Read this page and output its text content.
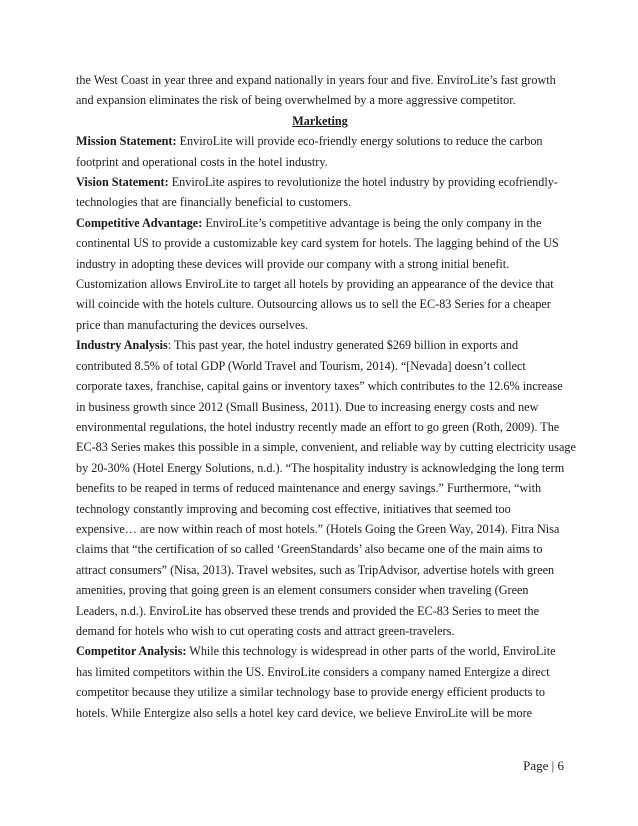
the West Coast in year three and expand nationally in years four and five. EnviroLite’s fast growth
and expansion eliminates the risk of being overwhelmed by a more aggressive competitor.
Marketing
Mission Statement: EnviroLite will provide eco-friendly energy solutions to reduce the carbon
footprint and operational costs in the hotel industry.
Vision Statement: EnviroLite aspires to revolutionize the hotel industry by providing ecofriendly-
technologies that are financially beneficial to customers.
Competitive Advantage: EnviroLite’s competitive advantage is being the only company in the
continental US to provide a customizable key card system for hotels. The lagging behind of the US
industry in adopting these devices will provide our company with a strong initial benefit.
Customization allows EnviroLite to target all hotels by providing an appearance of the device that
will coincide with the hotels culture. Outsourcing allows us to sell the EC-83 Series for a cheaper
price than manufacturing the devices ourselves.
Industry Analysis: This past year, the hotel industry generated $269 billion in exports and
contributed 8.5% of total GDP (World Travel and Tourism, 2014). “[Nevada] doesn’t collect
corporate taxes, franchise, capital gains or inventory taxes” which contributes to the 12.6% increase
in business growth since 2012 (Small Business, 2011). Due to increasing energy costs and new
environmental regulations, the hotel industry recently made an effort to go green (Roth, 2009). The
EC-83 Series makes this possible in a simple, convenient, and reliable way by cutting electricity usage
by 20-30% (Hotel Energy Solutions, n.d.). “The hospitality industry is acknowledging the long term
benefits to be reaped in terms of reduced maintenance and energy savings.” Furthermore, “with
technology constantly improving and becoming cost effective, initiatives that seemed too
expensive… are now within reach of most hotels.” (Hotels Going the Green Way, 2014). Fitra Nisa
claims that “the certification of so called ‘GreenStandards’ also became one of the main aims to
attract consumers” (Nisa, 2013). Travel websites, such as TripAdvisor, advertise hotels with green
amenities, proving that going green is an element consumers consider when traveling (Green
Leaders, n.d.). EnviroLite has observed these trends and provided the EC-83 Series to meet the
demand for hotels who wish to cut operating costs and attract green-travelers.
Competitor Analysis: While this technology is widespread in other parts of the world, EnviroLite
has limited competitors within the US. EnviroLite considers a company named Entergize a direct
competitor because they utilize a similar technology base to provide energy efficient products to
hotels. While Entergize also sells a hotel key card device, we believe EnviroLite will be more
Page | 6
